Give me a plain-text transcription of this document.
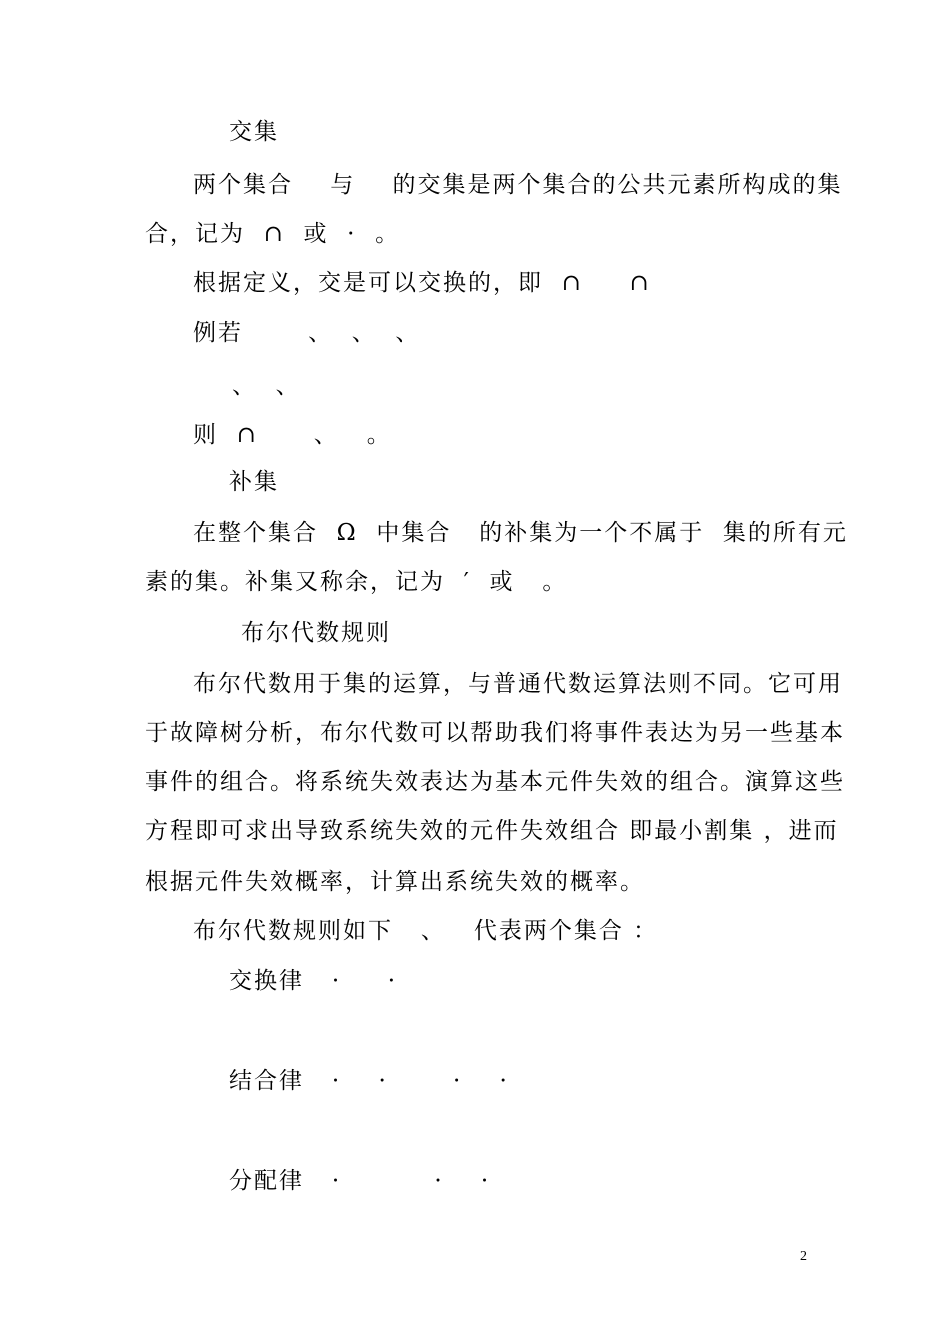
交集
两个集合    与    的交集是两个集合的公共元素所构成的集
合，记为  ∩  或  ·  。
根据定义，交是可以交换的，即  ∩     ∩
例若       、  、  、
、  、
则  ∩      、   。
补集
在整个集合  Ω  中集合   的补集为一个不属于  集的所有元
素的集。补集又称余，记为  ′  或   。
布尔代数规则
布尔代数用于集的运算，与普通代数运算法则不同。它可用
于故障树分析，布尔代数可以帮助我们将事件表达为另一些基本
事件的组合。将系统失效表达为基本元件失效的组合。演算这些
方程即可求出导致系统失效的元件失效组合 即最小割集 ，进而
根据元件失效概率，计算出系统失效的概率。
布尔代数规则如下   、   代表两个集合 ：
交换律   ·     ·
结合律   ·    ·       ·    ·
分配律   ·          ·    ·
2
